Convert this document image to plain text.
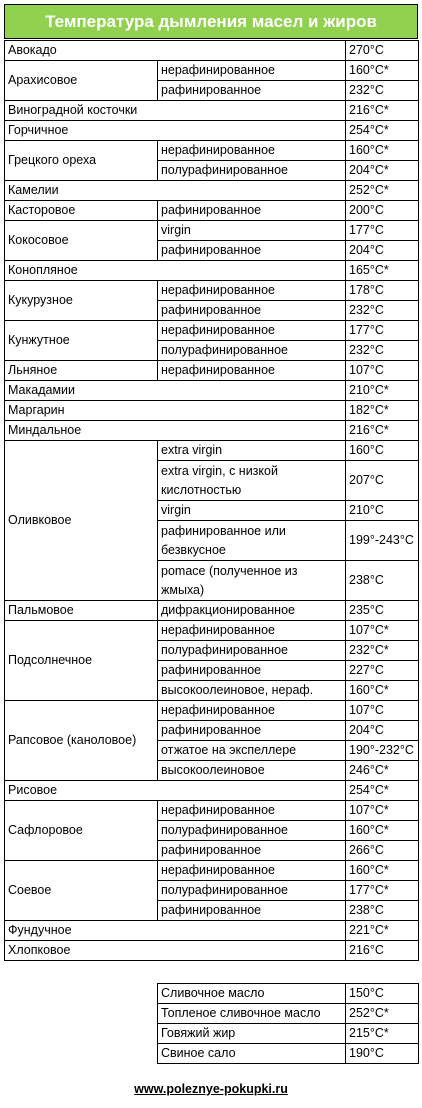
Температура дымления масел и жиров
Авокадо		270°C
Арахисовое	нерафинированное	160°C*
	рафинированное	232°C
Виноградной косточки		216°C*
Горчичное		254°C*
Грецкого ореха	нерафинированное	160°C*
	полурафинированное	204°C*
Камелии		252°C*
Касторовое	рафинированное	200°C
Кокосовое	virgin	177°C
	рафинированное	204°C
Конопляное		165°C*
Кукурузное	нерафинированное	178°C
	рафинированное	232°C
Кунжутное	нерафинированное	177°C
	полурафинированное	232°C
Льняное	нерафинированное	107°C
Макадамии		210°C*
Маргарин		182°C*
Миндальное		216°C*
Оливковое	extra virgin	160°C
	extra virgin, с низкой кислотностью	207°C
	virgin	210°C
	рафинированное или безвкусное	199°-243°C
	pomace (полученное из жмыха)	238°C
Пальмовое	дифракционированное	235°C
Подсолнечное	нерафинированное	107°C*
	полурафинированное	232°C*
	рафинированное	227°C
	высокоолеиновое, нераф.	160°C*
Рапсовое (каноловое)	нерафинированное	107°C
	рафинированное	204°C
	отжатое на экспеллере	190°-232°C
	высокоолеиновое	246°C*
Рисовое		254°C*
Сафлоровое	нерафинированное	107°C*
	полурафинированное	160°C*
	рафинированное	266°C
Соевое	нерафинированное	160°C*
	полурафинированное	177°C*
	рафинированное	238°C
Фундучное		221°C*
Хлопковое		216°C
Сливочное масло	150°C
Топленое сливочное масло	252°C*
Говяжий жир	215°C*
Свиное сало	190°C
www.poleznye-pokupki.ru
